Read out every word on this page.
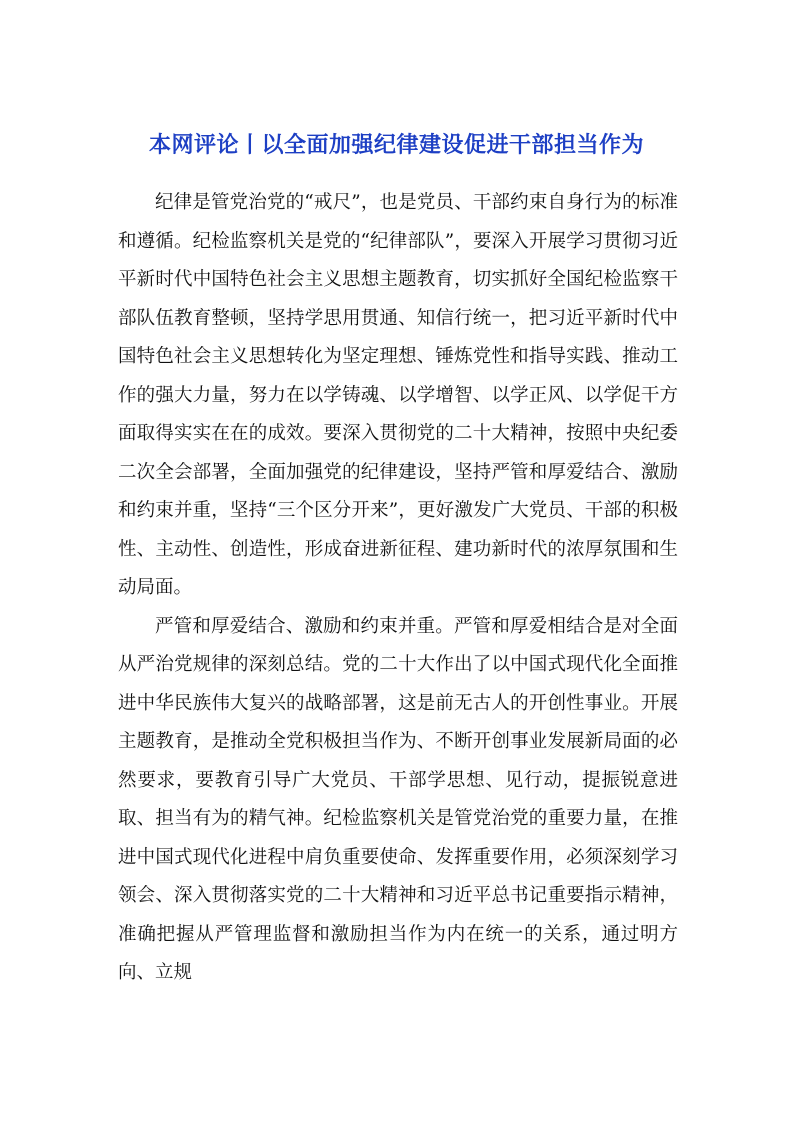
本网评论丨以全面加强纪律建设促进干部担当作为

纪律是管党治党的“戒尺”，也是党员、干部约束自身行为的标准和遵循。纪检监察机关是党的“纪律部队”，要深入开展学习贯彻习近平新时代中国特色社会主义思想主题教育，切实抓好全国纪检监察干部队伍教育整顿，坚持学思用贯通、知信行统一，把习近平新时代中国特色社会主义思想转化为坚定理想、锤炼党性和指导实践、推动工作的强大力量，努力在以学铸魂、以学增智、以学正风、以学促干方面取得实实在在的成效。要深入贯彻党的二十大精神，按照中央纪委二次全会部署，全面加强党的纪律建设，坚持严管和厚爱结合、激励和约束并重，坚持“三个区分开来”，更好激发广大党员、干部的积极性、主动性、创造性，形成奋进新征程、建功新时代的浓厚氛围和生动局面。

严管和厚爱结合、激励和约束并重。严管和厚爱相结合是对全面从严治党规律的深刻总结。党的二十大作出了以中国式现代化全面推进中华民族伟大复兴的战略部署，这是前无古人的开创性事业。开展主题教育，是推动全党积极担当作为、不断开创事业发展新局面的必然要求，要教育引导广大党员、干部学思想、见行动，提振锐意进取、担当有为的精气神。纪检监察机关是管党治党的重要力量，在推进中国式现代化进程中肩负重要使命、发挥重要作用，必须深刻学习领会、深入贯彻落实党的二十大精神和习近平总书记重要指示精神，准确把握从严管理监督和激励担当作为内在统一的关系，通过明方向、立规
